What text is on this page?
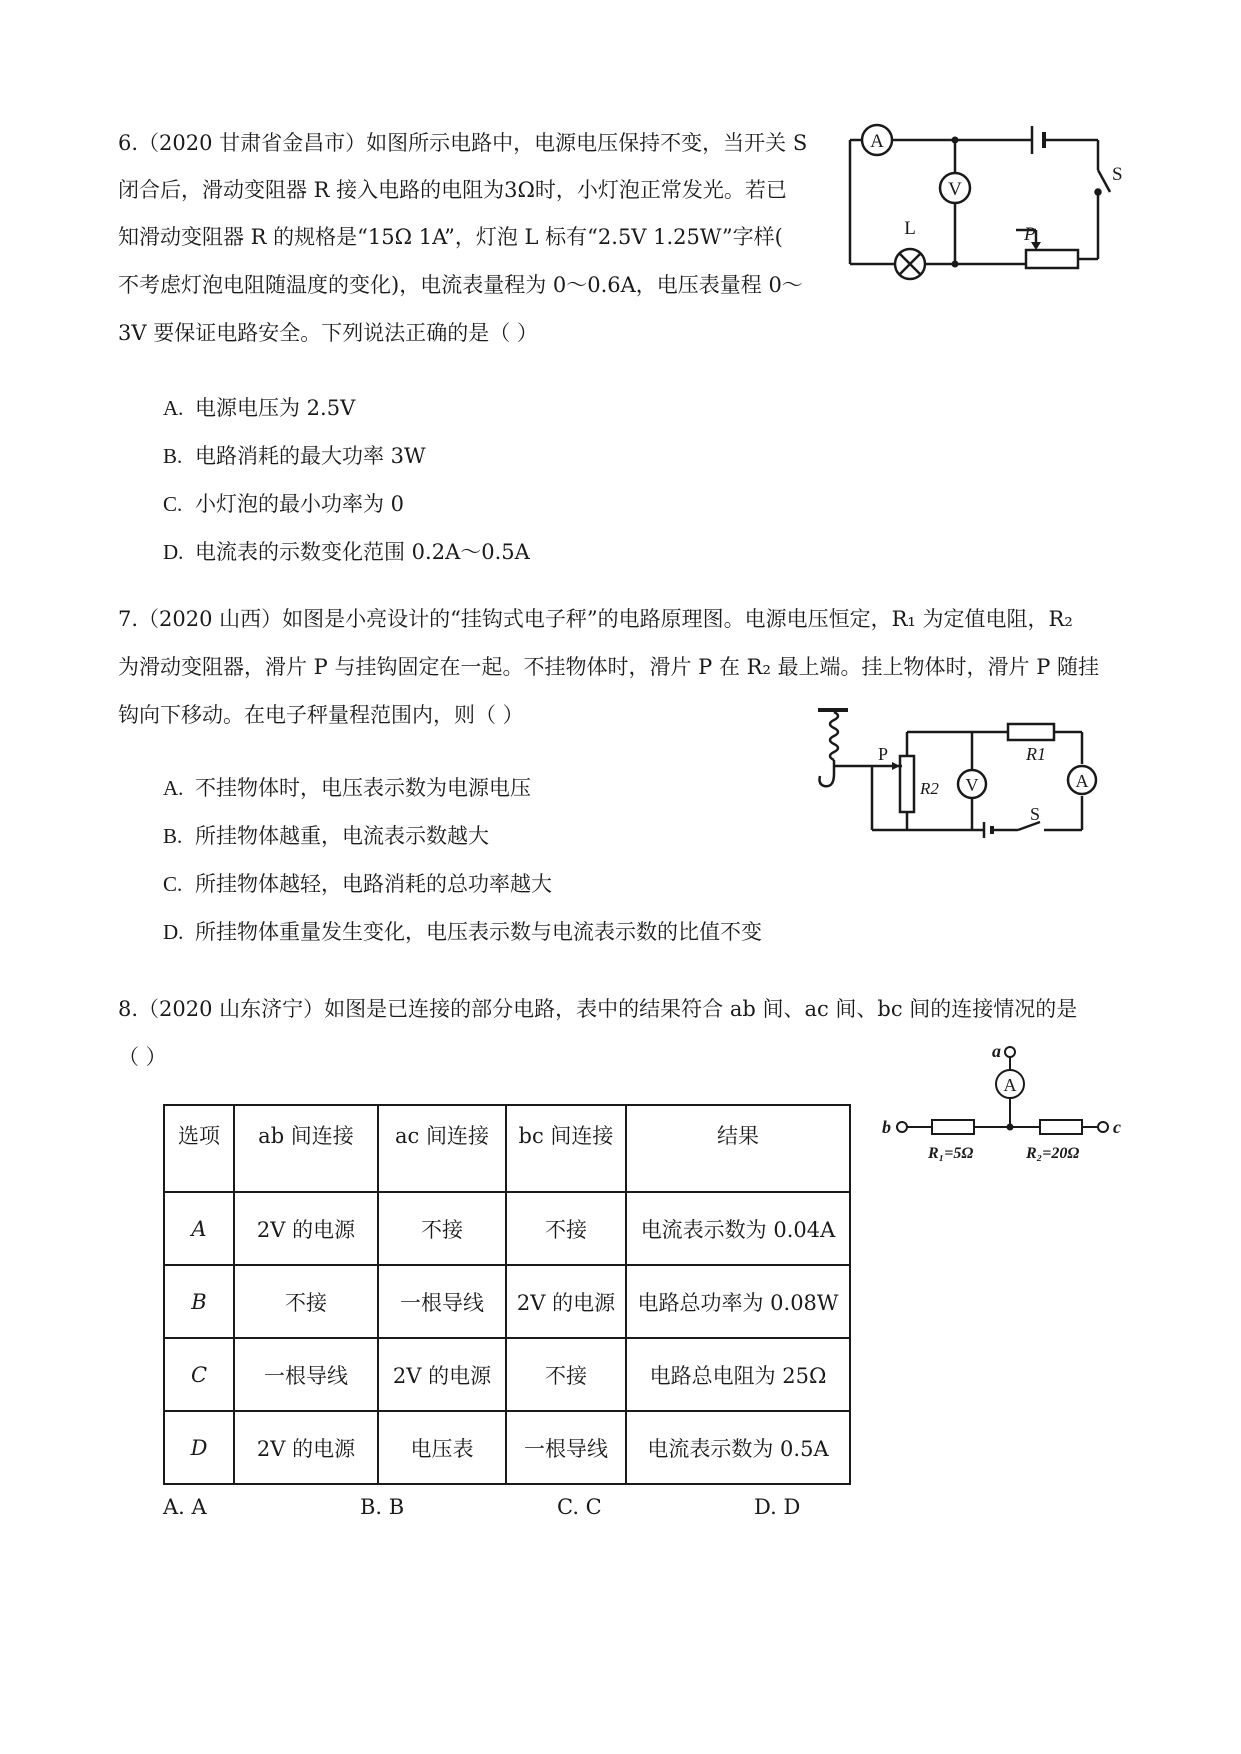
6.（2020 甘肃省金昌市）如图所示电路中，电源电压保持不变，当开关 S
闭合后，滑动变阻器 R 接入电路的电阻为3Ω时，小灯泡正常发光。若已
知滑动变阻器 R 的规格是“15Ω 1A”，灯泡 L 标有“2.5V 1.25W”字样(
不考虑灯泡电阻随温度的变化)，电流表量程为 0～0.6A，电压表量程 0～
3V 要保证电路安全。下列说法正确的是（ ）
A. 电源电压为 2.5V
B. 电路消耗的最大功率 3W
C. 小灯泡的最小功率为 0
D. 电流表的示数变化范围 0.2A～0.5A
A
V
L
S
P
7.（2020 山西）如图是小亮设计的“挂钩式电子秤”的电路原理图。电源电压恒定，R₁ 为定值电阻，R₂
为滑动变阻器，滑片 P 与挂钩固定在一起。不挂物体时，滑片 P 在 R₂ 最上端。挂上物体时，滑片 P 随挂
钩向下移动。在电子秤量程范围内，则（ ）
A. 不挂物体时，电压表示数为电源电压
B. 所挂物体越重，电流表示数越大
C. 所挂物体越轻，电路消耗的总功率越大
D. 所挂物体重量发生变化，电压表示数与电流表示数的比值不变
V	A
P
R2
R1
S
8.（2020 山东济宁）如图是已连接的部分电路，表中的结果符合 ab 间、ac 间、bc 间的连接情况的是
（ ）
选项	ab 间连接	ac 间连接	bc 间连接	结果
A	2V 的电源	不接	不接	电流表示数为 0.04A
B	不接	一根导线	2V 的电源	电路总功率为 0.08W
C	一根导线	2V 的电源	不接	电路总电阻为 25Ω
D	2V 的电源	电压表	一根导线	电流表示数为 0.5A
A. A	B. B	C. C	D. D
A
a
b	c
R₁=5Ω	R₂=20Ω
